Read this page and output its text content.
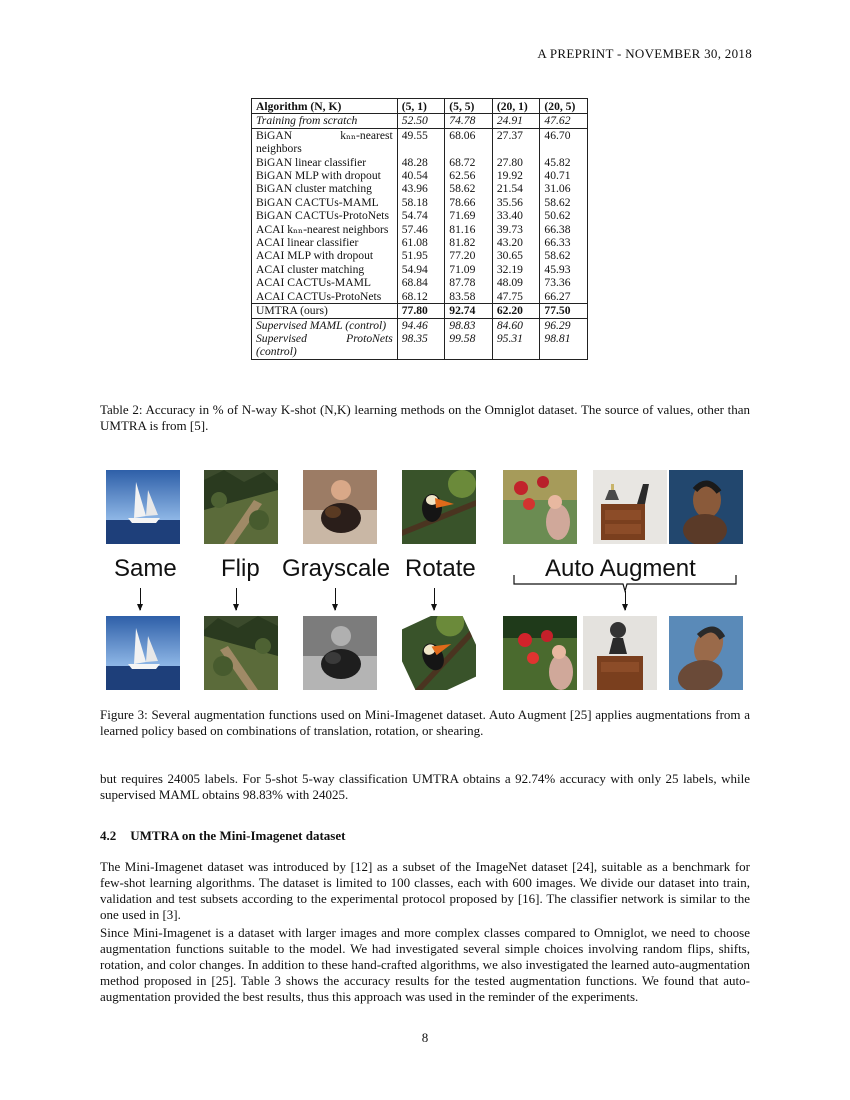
A PREPRINT - NOVEMBER 30, 2018
Algorithm (N, K)	(5, 1)	(5, 5)	(20, 1)	(20, 5)
Training from scratch	52.50	74.78	24.91	47.62
BiGAN kₙₙ-nearest neighbors	49.55	68.06	27.37	46.70
BiGAN linear classifier	48.28	68.72	27.80	45.82
BiGAN MLP with dropout	40.54	62.56	19.92	40.71
BiGAN cluster matching	43.96	58.62	21.54	31.06
BiGAN CACTUs-MAML	58.18	78.66	35.56	58.62
BiGAN CACTUs-ProtoNets	54.74	71.69	33.40	50.62
ACAI kₙₙ-nearest neighbors	57.46	81.16	39.73	66.38
ACAI linear classifier	61.08	81.82	43.20	66.33
ACAI MLP with dropout	51.95	77.20	30.65	58.62
ACAI cluster matching	54.94	71.09	32.19	45.93
ACAI CACTUs-MAML	68.84	87.78	48.09	73.36
ACAI CACTUs-ProtoNets	68.12	83.58	47.75	66.27
UMTRA (ours)	77.80	92.74	62.20	77.50
Supervised MAML (control)	94.46	98.83	84.60	96.29
Supervised ProtoNets (control)	98.35	99.58	95.31	98.81
Table 2: Accuracy in % of N-way K-shot (N,K) learning methods on the Omniglot dataset. The source of values, other than UMTRA is from [5].
Same Flip Grayscale Rotate	Auto Augment
Figure 3: Several augmentation functions used on Mini-Imagenet dataset. Auto Augment [25] applies augmentations from a learned policy based on combinations of translation, rotation, or shearing.
but requires 24005 labels. For 5-shot 5-way classification UMTRA obtains a 92.74% accuracy with only 25 labels, while supervised MAML obtains 98.83% with 24025.
4.2 UMTRA on the Mini-Imagenet dataset
The Mini-Imagenet dataset was introduced by [12] as a subset of the ImageNet dataset [24], suitable as a benchmark for few-shot learning algorithms. The dataset is limited to 100 classes, each with 600 images. We divide our dataset into train, validation and test subsets according to the experimental protocol proposed by [16]. The classifier network is similar to the one used in [3].
Since Mini-Imagenet is a dataset with larger images and more complex classes compared to Omniglot, we need to choose augmentation functions suitable to the model. We had investigated several simple choices involving random flips, shifts, rotation, and color changes. In addition to these hand-crafted algorithms, we also investigated the learned auto-augmentation method proposed in [25]. Table 3 shows the accuracy results for the tested augmentation functions. We found that auto-augmentation provided the best results, thus this approach was used in the reminder of the experiments.
8
